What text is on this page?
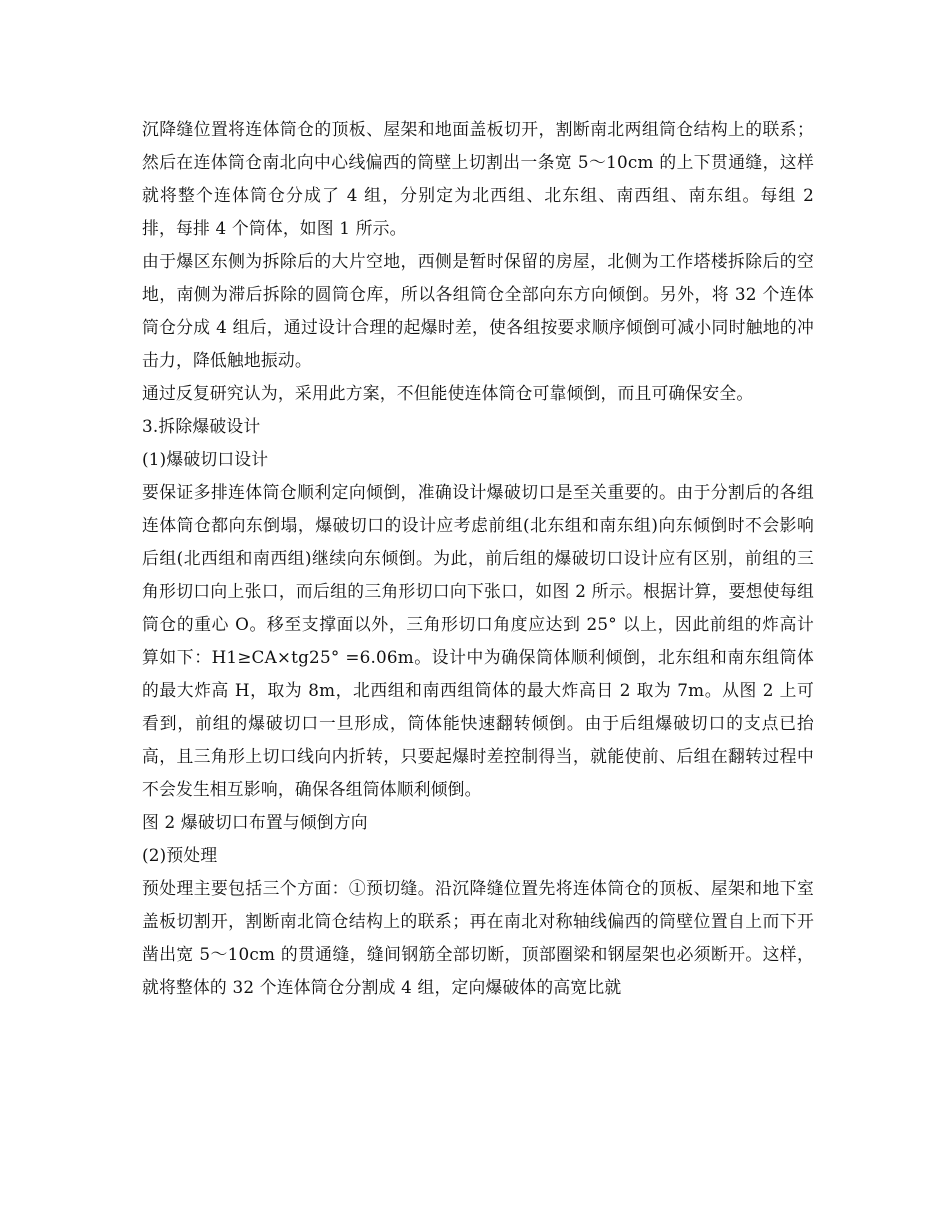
沉降缝位置将连体筒仓的顶板、屋架和地面盖板切开，割断南北两组筒仓结构上的联系；然后在连体筒仓南北向中心线偏西的筒壁上切割出一条宽 5～10cm 的上下贯通缝，这样就将整个连体筒仓分成了 4 组，分别定为北西组、北东组、南西组、南东组。每组 2 排，每排 4 个筒体，如图 1 所示。

由于爆区东侧为拆除后的大片空地，西侧是暂时保留的房屋，北侧为工作塔楼拆除后的空地，南侧为滞后拆除的圆筒仓库，所以各组筒仓全部向东方向倾倒。另外，将 32 个连体筒仓分成 4 组后，通过设计合理的起爆时差，使各组按要求顺序倾倒可减小同时触地的冲击力，降低触地振动。

通过反复研究认为，采用此方案，不但能使连体筒仓可靠倾倒，而且可确保安全。

3.拆除爆破设计

(1)爆破切口设计

要保证多排连体筒仓顺利定向倾倒，准确设计爆破切口是至关重要的。由于分割后的各组连体筒仓都向东倒塌，爆破切口的设计应考虑前组(北东组和南东组)向东倾倒时不会影响后组(北西组和南西组)继续向东倾倒。为此，前后组的爆破切口设计应有区别，前组的三角形切口向上张口，而后组的三角形切口向下张口，如图 2 所示。根据计算，要想使每组筒仓的重心 O。移至支撑面以外，三角形切口角度应达到 25° 以上，因此前组的炸高计算如下：H1≥CA×tg25° =6.06m。设计中为确保筒体顺利倾倒，北东组和南东组筒体的最大炸高 H，取为 8m，北西组和南西组筒体的最大炸高日 2 取为 7m。从图 2 上可看到，前组的爆破切口一旦形成，筒体能快速翻转倾倒。由于后组爆破切口的支点已抬高，且三角形上切口线向内折转，只要起爆时差控制得当，就能使前、后组在翻转过程中不会发生相互影响，确保各组筒体顺利倾倒。

图 2 爆破切口布置与倾倒方向

(2)预处理

预处理主要包括三个方面：①预切缝。沿沉降缝位置先将连体筒仓的顶板、屋架和地下室盖板切割开，割断南北筒仓结构上的联系；再在南北对称轴线偏西的筒壁位置自上而下开凿出宽 5～10cm 的贯通缝，缝间钢筋全部切断，顶部圈梁和钢屋架也必须断开。这样，就将整体的 32 个连体筒仓分割成 4 组，定向爆破体的高宽比就
